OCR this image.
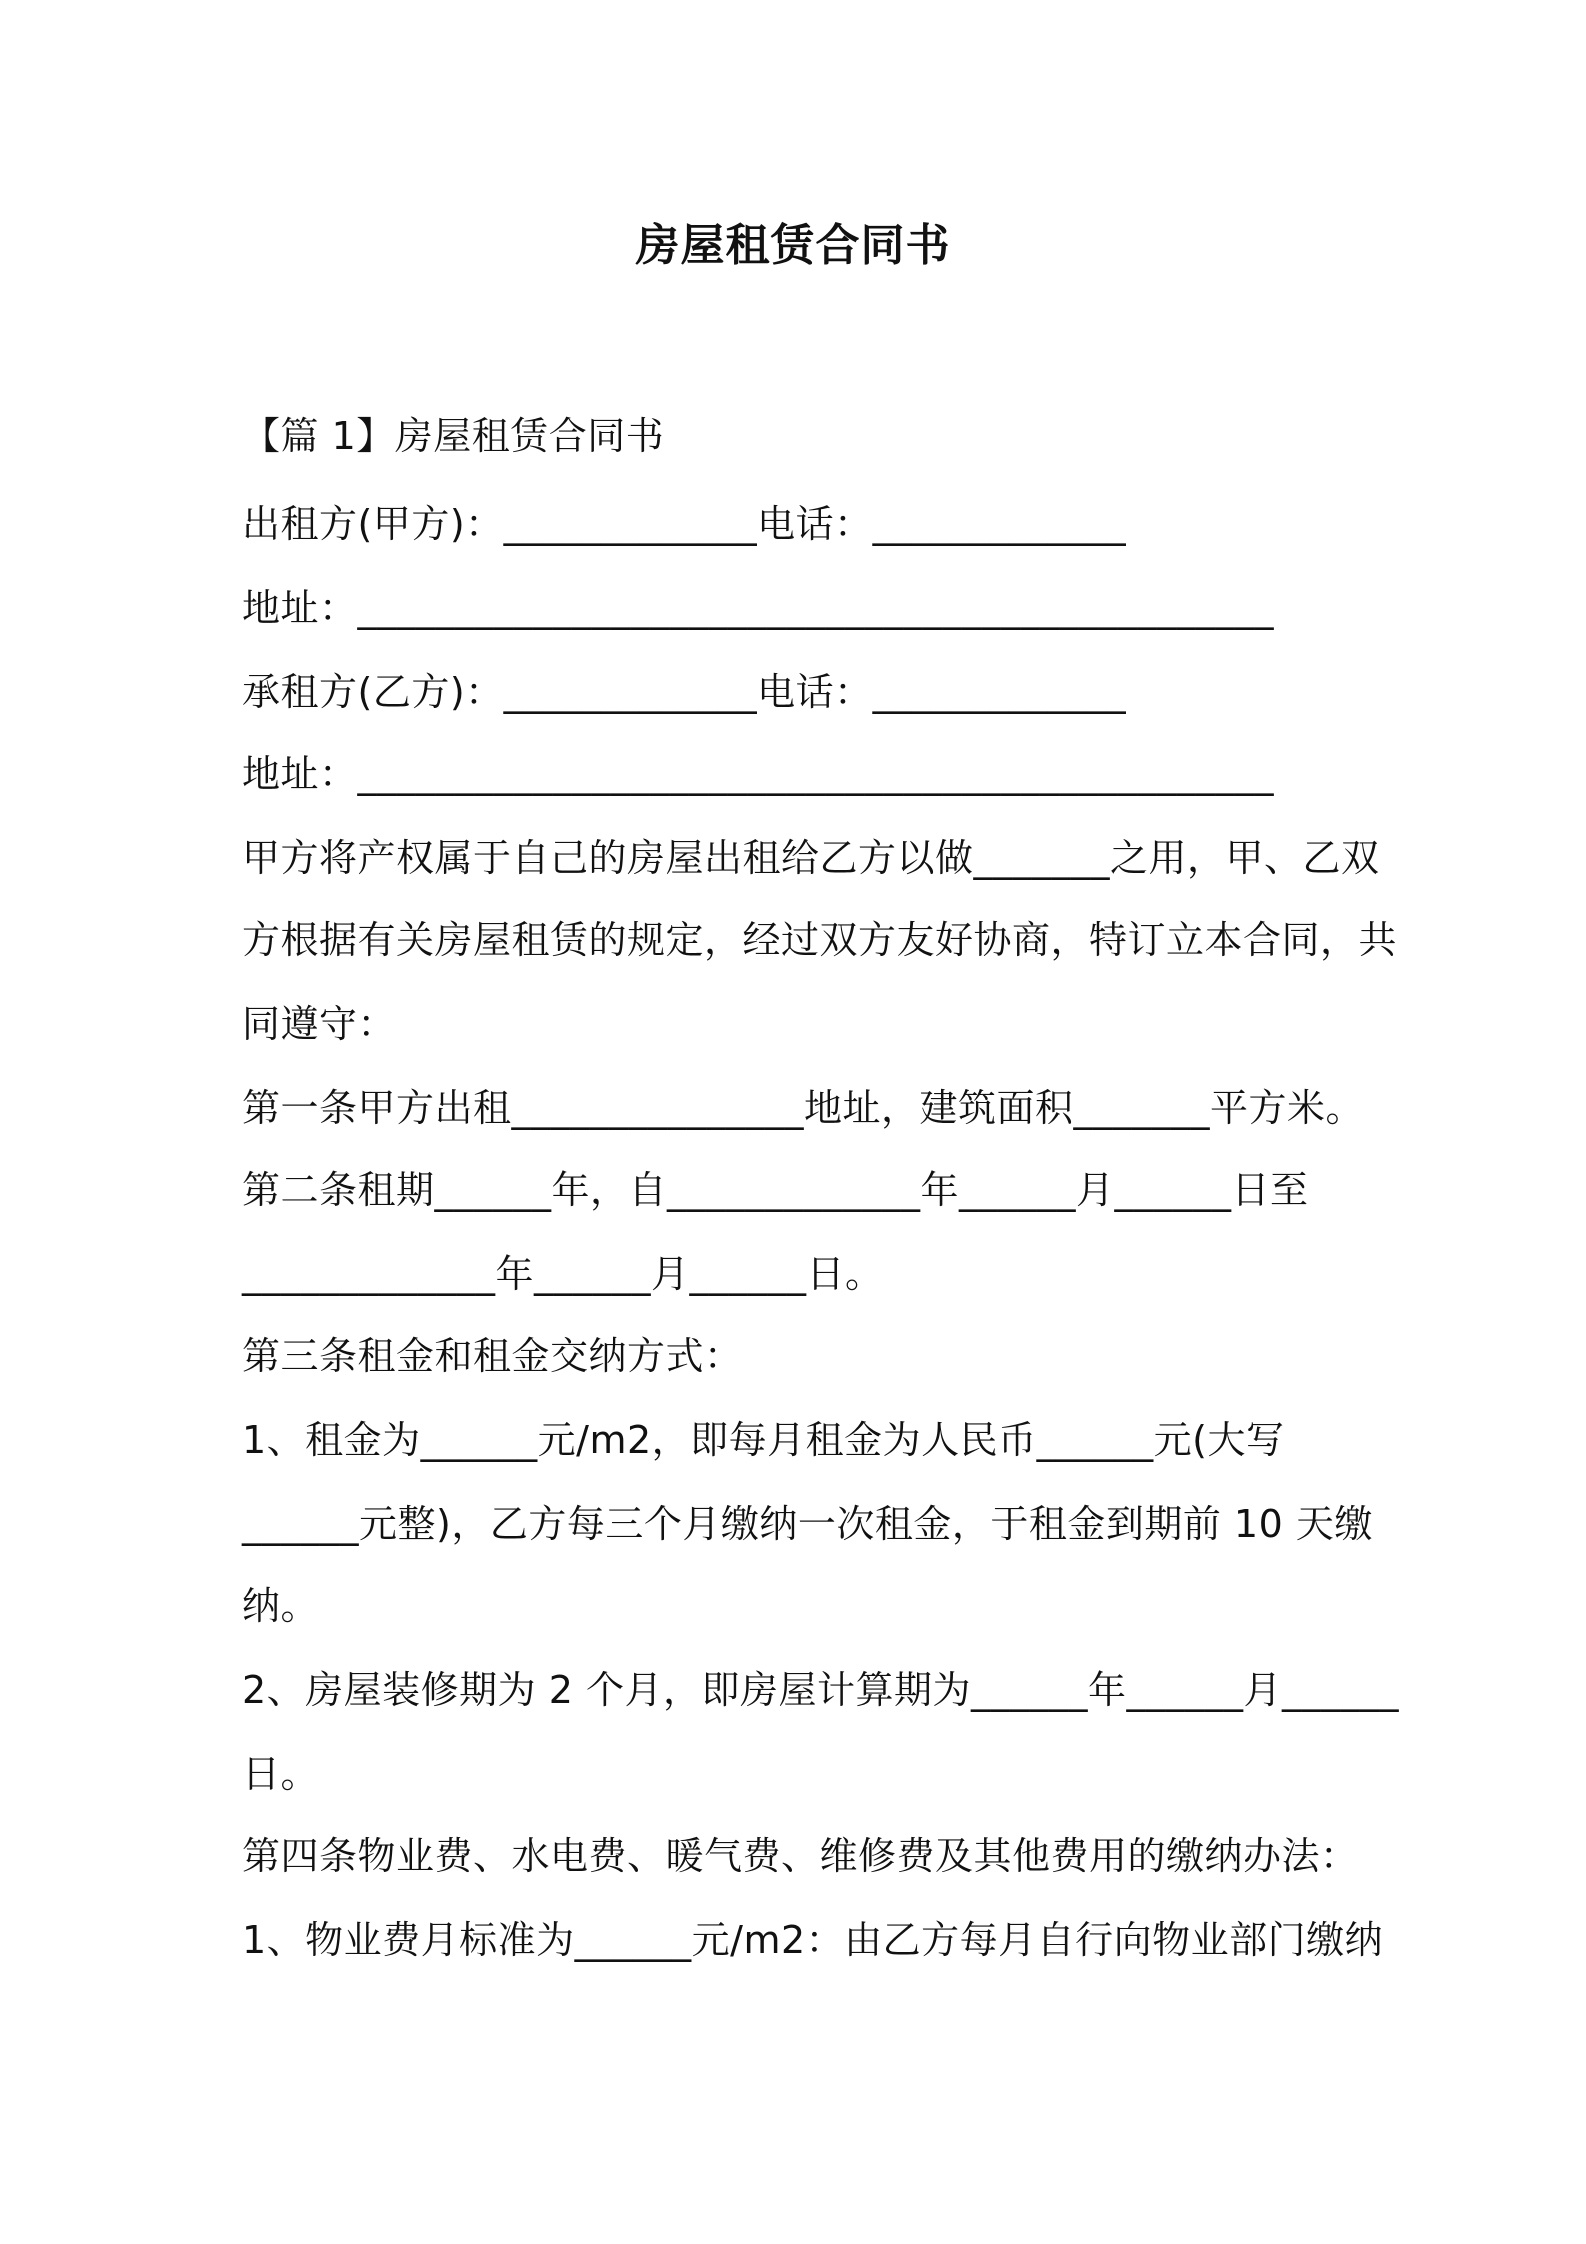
房屋租赁合同书
【篇 1】房屋租赁合同书
出租方(甲方)：_____________电话：_____________
地址：_______________________________________________
承租方(乙方)：_____________电话：_____________
地址：_______________________________________________
甲方将产权属于自己的房屋出租给乙方以做_______之用，甲、乙双
方根据有关房屋租赁的规定，经过双方友好协商，特订立本合同，共
同遵守：
第一条甲方出租_______________地址，建筑面积_______平方米。
第二条租期______年，自_____________年______月______日至
_____________年______月______日。
第三条租金和租金交纳方式：
1、租金为______元/m2，即每月租金为人民币______元(大写
______元整)，乙方每三个月缴纳一次租金，于租金到期前 10 天缴
纳。
2、房屋装修期为 2 个月，即房屋计算期为______年______月______
日。
第四条物业费、水电费、暖气费、维修费及其他费用的缴纳办法：
1、物业费月标准为______元/m2：由乙方每月自行向物业部门缴纳
